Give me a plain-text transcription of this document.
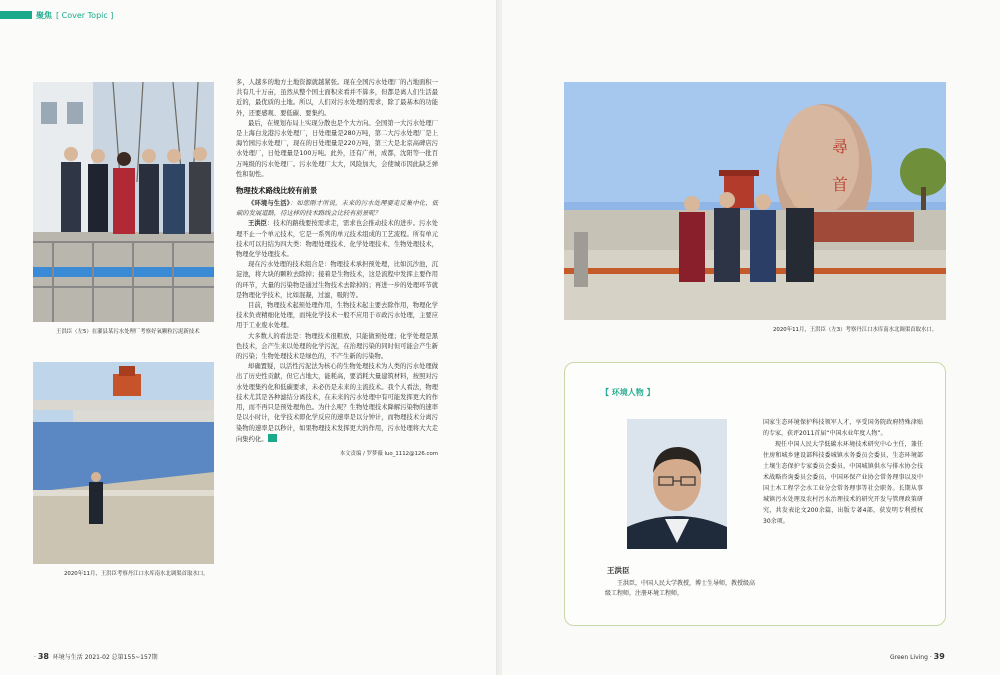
聚焦 [ Cover Topic ]
王洪臣（左5）在灌县某污水处理厂考察好氧颗粒污泥新技术
2020年11月，王洪臣考察丹江口水库南水北调渠首取水口。

多，人越多的地方土地资源就越紧张。现在全国污水处理厂的占地面积一共有几十万亩，虽然从整个国土面积来看并不算多，但都是离人们生活最近的，最优质的土地。所以，人们对污水处理的需求，除了最基本的功能外，还要感观、要低碳、要集约。

最后，在规划布局上实现分散也是个大方向。全国第一大污水处理厂是上海白龙港污水处理厂，日处理量是280万吨，第二大污水处理厂是上海竹园污水处理厂，现在的日处理量是220万吨，第三大是北京高碑店污水处理厂，日处理量是100万吨。此外，还有广州，成都，沈阳等一批百万吨级的污水处理厂。污水处理厂太大，风险加大，会使城市因此缺乏弹性和韧性。

物理技术路线比较有前景

《环境与生活》：如您刚才所说，未来的污水处理要走反集中化、低碳的发展道路，待这样的技术路线会比较有前景呢？

王洪臣：技术的路线要按需求走，需求也会推动技术的进步。污水处理不止一个单元技术，它是一系列的单元技术组成的工艺流程。所有单元技术可以归结为四大类：物理处理技术、化学处理技术、生物处理技术，物理化学处理技术。

现在污水处理的技术组合是：物理技术承担预处理，比如沉沙池，沉淀池，将大块的颗粒去除掉；接着是生物技术，这是流程中发挥主要作用的环节，大量的污染物是通过生物技术去除掉的；再进一步的处理环节就是物理化学技术，比如混凝，过滤，吸附等。

目前，物理技术起预处理作用，生物技术起主要去除作用，物理化学技术负责精细化处理，而纯化学技术一般不应用于市政污水处理，主要应用于工业废水处理。

大多数人的看法是：物理技术很粗放，只能做预处理；化学处理是黑色技术，会产生来以处理的化学污泥，在治理污染的同时但可能会产生新的污染；生物处理技术是绿色的，不产生新的污染物。

却确置疑，以活性污泥法为核心的生物处理技术为人类的污水处理做出了历史性贡献，但它占地大，能耗高，要消耗大量建筑材料，按照对污水处理集约化和低碳要求，未必仍是未来的主流技术。我个人看法，物理技术尤其是各种滤结分离技术，在未来的污水处理中有可能发挥更大的作用，而不再只是预处理角色。为什么呢？生物处理技术降解污染物的速率是以小时计，化学技术即化学反应的速率是以分钟计，而物理技术分离污染物的速率是以秒计，如果物理技术发挥更大的作用，污水处理将大大走向集约化。

本文责编 / 罗梦薇 luo_1112@126.com
· 38 环境与生活 2021-02 总第155~157期
尋
首
2020年11月，王洪臣（左3）考察丹江口水库南水北调渠首取水口。
【 环境人物 】
王洪臣
王洪臣，中国人民大学教授，博士生导师，教授级高级工程师，注册环境工程师，

国家生态环境保护科技领军人才，享受国务院政府特殊津贴的专家，获评2011首届“中国水业年度人物”。

现任中国人民大学低碳水环境技术研究中心主任，兼任住房和城乡建设部科技委城镇水务委员会委员，生态环境部土壤生态保护专家委员会委员，中国城镇供水与排水协会技术战略咨询委员会委员，中国环保产业协会常务理事以及中国土木工程学会水工业分会常务理事等社会职务。长期从事城镇污水处理及农村污水治理技术的研究开发与管理政策研究，共发表论文200余篇，出版专著4部，获发明专利授权30余项。

Green Living · 39
